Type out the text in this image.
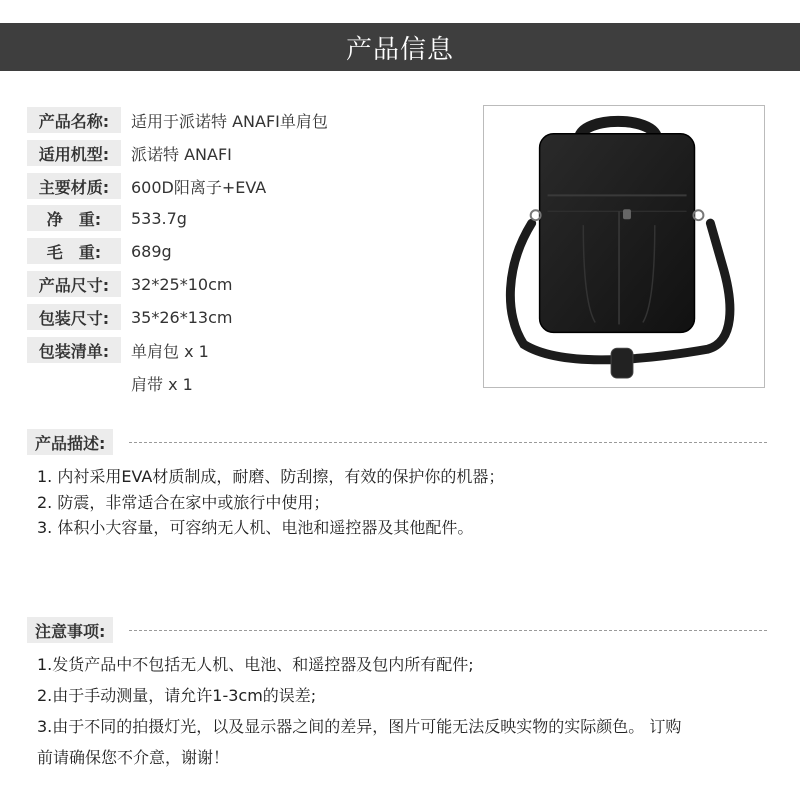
产品信息
产品名称:	适用于派诺特 ANAFI单肩包
适用机型:	派诺特 ANAFI
主要材质:	600D阳离子+EVA
净　重:	533.7g
毛　重:	689g
产品尺寸:	32*25*10cm
包装尺寸:	35*26*13cm
包装清单:	单肩包 x 1
肩带 x 1
产品描述:
1. 内衬采用EVA材质制成，耐磨、防刮擦，有效的保护你的机器；
2. 防震，非常适合在家中或旅行中使用；
3. 体积小大容量，可容纳无人机、电池和遥控器及其他配件。
注意事项:
1.发货产品中不包括无人机、电池、和遥控器及包内所有配件;
2.由于手动测量，请允许1-3cm的误差;
3.由于不同的拍摄灯光，以及显示器之间的差异，图片可能无法反映实物的实际颜色。 订购
前请确保您不介意，谢谢！
